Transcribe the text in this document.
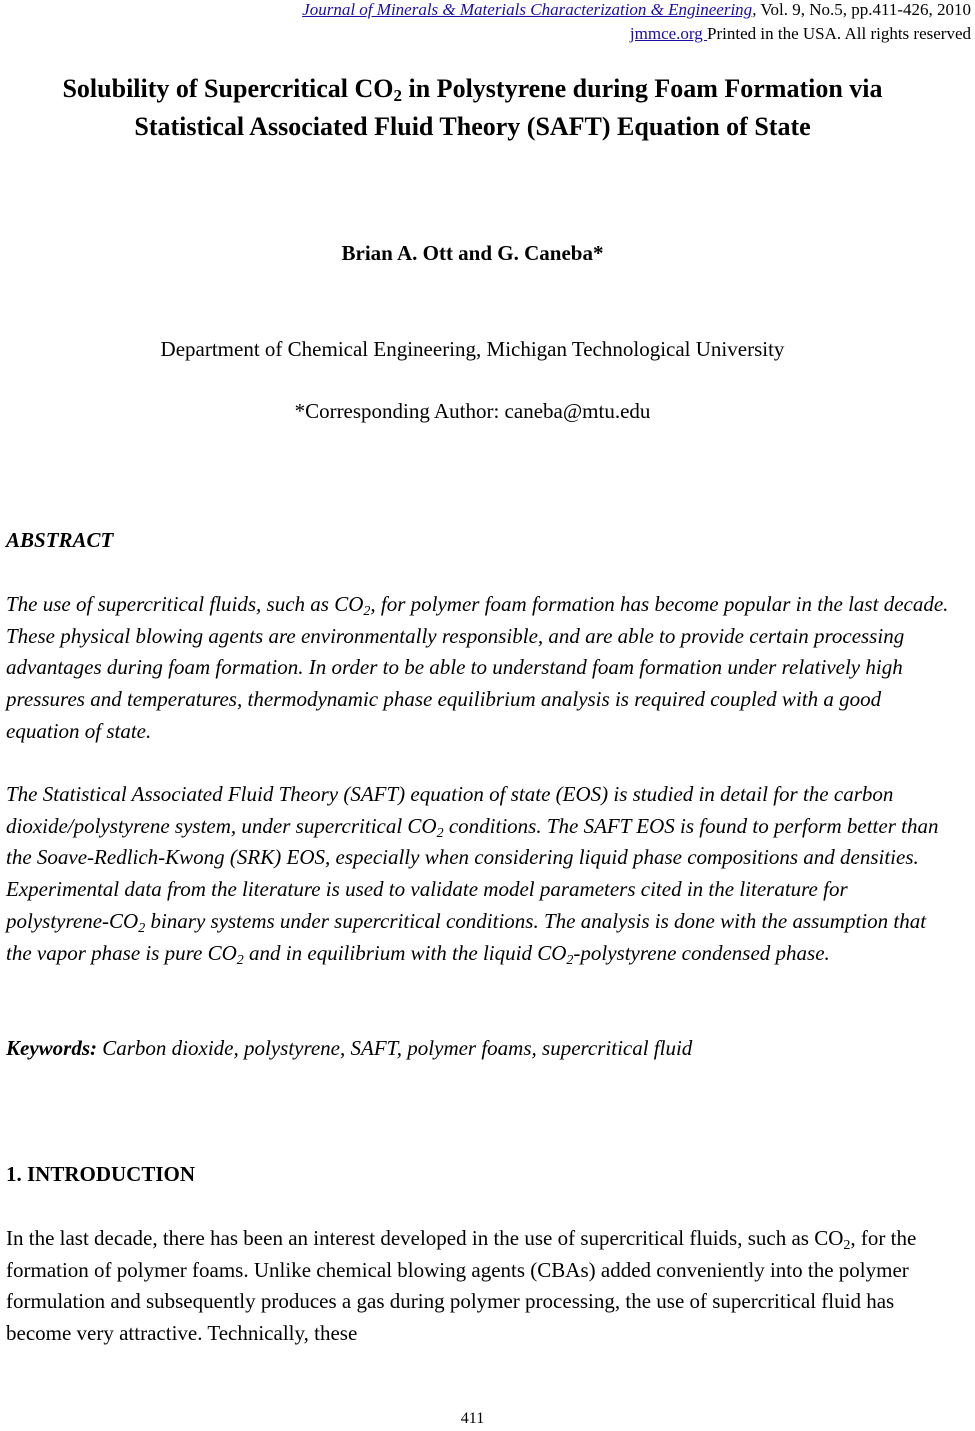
Journal of Minerals & Materials Characterization & Engineering, Vol. 9, No.5, pp.411-426, 2010
jmmce.org Printed in the USA. All rights reserved
Solubility of Supercritical $CO_2$ in Polystyrene during Foam Formation via
Statistical Associated Fluid Theory (SAFT) Equation of State
Brian A. Ott and G. Caneba*
Department of Chemical Engineering, Michigan Technological University
*Corresponding Author: caneba@mtu.edu
ABSTRACT
The use of supercritical fluids, such as $CO_2$, for polymer foam formation has become popular in the last decade. These physical blowing agents are environmentally responsible, and are able to provide certain processing advantages during foam formation. In order to be able to understand foam formation under relatively high pressures and temperatures, thermodynamic phase equilibrium analysis is required coupled with a good equation of state.
The Statistical Associated Fluid Theory (SAFT) equation of state (EOS) is studied in detail for the carbon dioxide/polystyrene system, under supercritical $CO_2$ conditions. The SAFT EOS is found to perform better than the Soave-Redlich-Kwong (SRK) EOS, especially when considering liquid phase compositions and densities. Experimental data from the literature is used to validate model parameters cited in the literature for polystyrene-$CO_2$ binary systems under supercritical conditions. The analysis is done with the assumption that the vapor phase is pure $CO_2$ and in equilibrium with the liquid $CO_2$-polystyrene condensed phase.
Keywords: Carbon dioxide, polystyrene, SAFT, polymer foams, supercritical fluid
1. INTRODUCTION
In the last decade, there has been an interest developed in the use of supercritical fluids, such as $CO_2$, for the formation of polymer foams. Unlike chemical blowing agents (CBAs) added conveniently into the polymer formulation and subsequently produces a gas during polymer processing, the use of supercritical fluid has become very attractive. Technically, these
411
